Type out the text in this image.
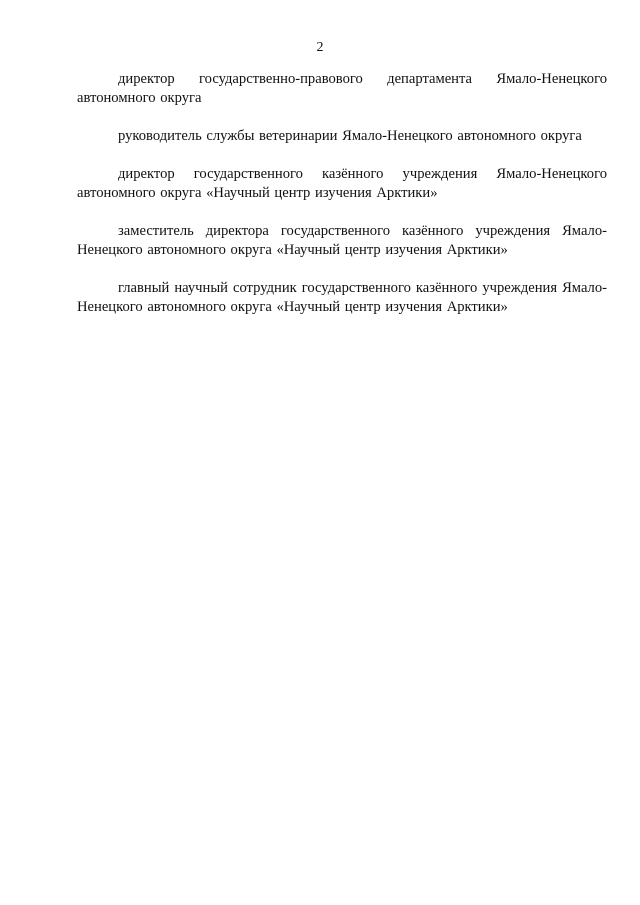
2

директор государственно-правового департамента Ямало-Ненецкого автономного округа

руководитель службы ветеринарии Ямало-Ненецкого автономного округа

директор государственного казённого учреждения Ямало-Ненецкого автономного округа «Научный центр изучения Арктики»

заместитель директора государственного казённого учреждения Ямало-Ненецкого автономного округа «Научный центр изучения Арктики»

главный научный сотрудник государственного казённого учреждения Ямало-Ненецкого автономного округа «Научный центр изучения Арктики»
